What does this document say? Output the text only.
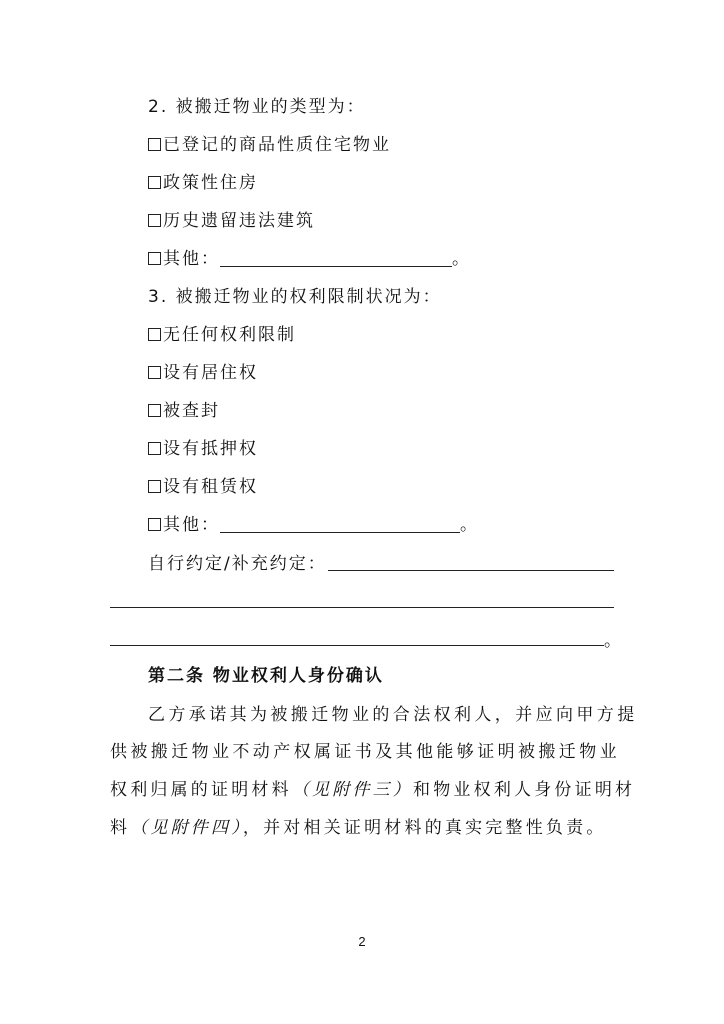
2. 被搬迁物业的类型为：
已登记的商品性质住宅物业
政策性住房
历史遗留违法建筑
其他：	。
3. 被搬迁物业的权利限制状况为：
无任何权利限制
设有居住权
被查封
设有抵押权
设有租赁权
其他：	。
自行约定/补充约定：
。
第二条 物业权利人身份确认
乙方承诺其为被搬迁物业的合法权利人，并应向甲方提
供被搬迁物业不动产权属证书及其他能够证明被搬迁物业
权利归属的证明材料（见附件三）和物业权利人身份证明材
料（见附件四），并对相关证明材料的真实完整性负责。
2
